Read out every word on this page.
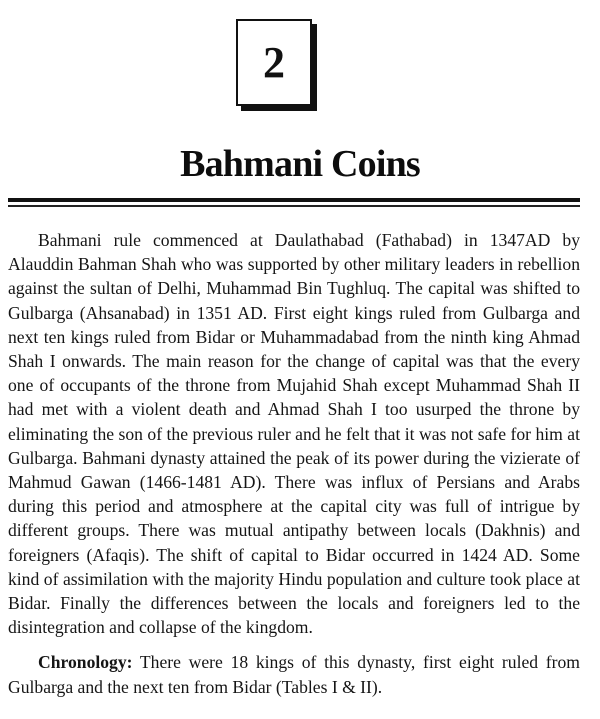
2
Bahmani Coins

Bahmani rule commenced at Daulathabad (Fathabad) in 1347AD by Alauddin Bahman Shah who was supported by other military leaders in rebellion against the sultan of Delhi, Muhammad Bin Tughluq. The capital was shifted to Gulbarga (Ahsanabad) in 1351 AD. First eight kings ruled from Gulbarga and next ten kings ruled from Bidar or Muhammadabad from the ninth king Ahmad Shah I onwards. The main reason for the change of capital was that the every one of occupants of the throne from Mujahid Shah except Muhammad Shah II had met with a violent death and Ahmad Shah I too usurped the throne by eliminating the son of the previous ruler and he felt that it was not safe for him at Gulbarga. Bahmani dynasty attained the peak of its power during the vizierate of Mahmud Gawan (1466-1481 AD). There was influx of Persians and Arabs during this period and atmosphere at the capital city was full of intrigue by different groups. There was mutual antipathy between locals (Dakhnis) and foreigners (Afaqis). The shift of capital to Bidar occurred in 1424 AD. Some kind of assimilation with the majority Hindu population and culture took place at Bidar. Finally the differences between the locals and foreigners led to the disintegration and collapse of the kingdom.

Chronology: There were 18 kings of this dynasty, first eight ruled from Gulbarga and the next ten from Bidar (Tables I & II).
